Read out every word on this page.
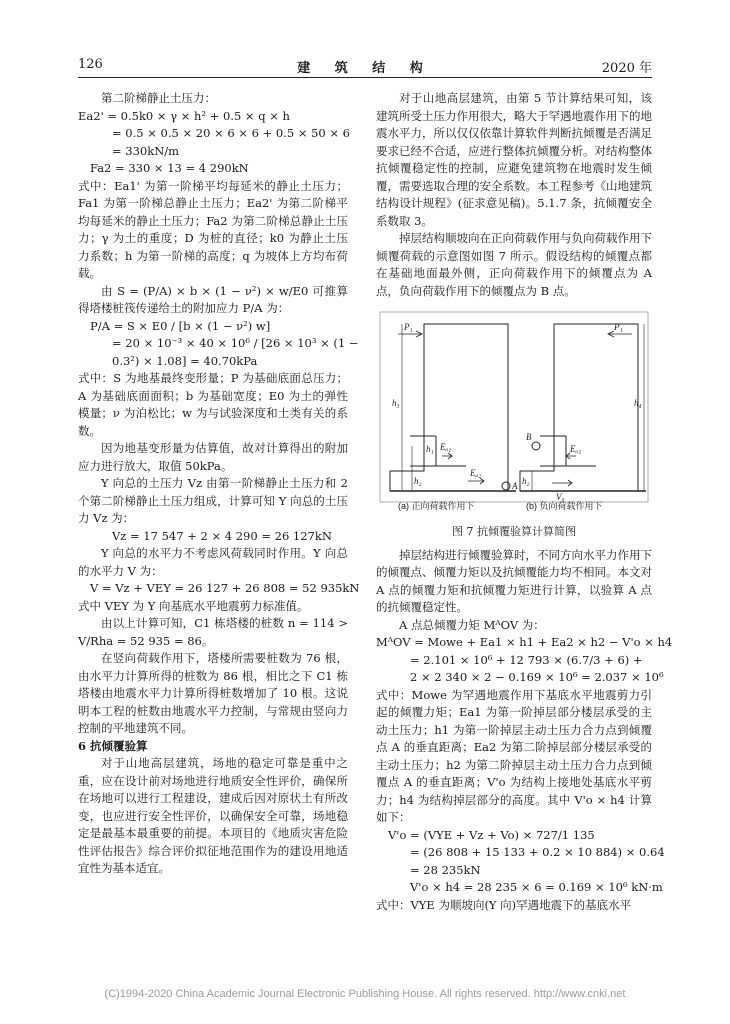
126	建 筑 结 构	2020 年

第二阶梯静止土压力：

Ea2' = 0.5k0 × γ × h² + 0.5 × q × h

= 0.5 × 0.5 × 20 × 6 × 6 + 0.5 × 50 × 6

= 330kN/m

Fa2 = 330 × 13 = 4 290kN

式中：Ea1' 为第一阶梯平均每延米的静止土压力；Fa1 为第一阶梯总静止土压力；Ea2' 为第二阶梯平均每延米的静止土压力；Fa2 为第二阶梯总静止土压力；γ 为土的重度；D 为桩的直径；k0 为静止土压力系数；h 为第一阶梯的高度；q 为坡体上方均布荷载。

由 S = (P/A) × b × (1 − ν²) × w/E0 可推算得塔楼桩筏传递给土的附加应力 P/A 为：

P/A = S × E0 / [b × (1 − ν²) w]

= 20 × 10⁻³ × 40 × 10⁶ / [26 × 10³ × (1 −

0.3²) × 1.08] = 40.70kPa

式中：S 为地基最终变形量；P 为基础底面总压力；A 为基础底面面积；b 为基础宽度；E0 为土的弹性模量；ν 为泊松比；w 为与试验深度和土类有关的系数。

因为地基变形量为估算值，故对计算得出的附加应力进行放大，取值 50kPa。

Y 向总的土压力 Vz 由第一阶梯静止土压力和 2 个第二阶梯静止土压力组成，计算可知 Y 向总的土压力 Vz 为：

Vz = 17 547 + 2 × 4 290 = 26 127kN

Y 向总的水平力不考虑风荷载同时作用。Y 向总的水平力 V 为：

V = Vz + VEY = 26 127 + 26 808 = 52 935kN

式中 VEY 为 Y 向基底水平地震剪力标准值。

由以上计算可知，C1 栋塔楼的桩数 n = 114 > V/Rha = 52 935 = 86。

在竖向荷载作用下，塔楼所需要桩数为 76 根，由水平力计算所得的桩数为 86 根，相比之下 C1 栋塔楼由地震水平力计算所得桩数增加了 10 根。这说明本工程的桩数由地震水平力控制，与常规由竖向力控制的平地建筑不同。

6 抗倾覆验算

对于山地高层建筑，场地的稳定可靠是重中之重，应在设计前对场地进行地质安全性评价，确保所在场地可以进行工程建设，建成后因对原状土有所改变，也应进行安全性评价，以确保安全可靠，场地稳定是最基本最重要的前提。本项目的《地质灾害危险性评估报告》综合评价拟征地范围作为的建设用地适宜性为基本适宜。

对于山地高层建筑，由第 5 节计算结果可知，该建筑所受土压力作用很大，略大于罕遇地震作用下的地震水平力，所以仅仅依靠计算软件判断抗倾覆是否满足要求已经不合适，应进行整体抗倾覆分析。对结构整体抗倾覆稳定性的控制，应避免建筑物在地震时发生倾覆，需要选取合理的安全系数。本工程参考《山地建筑结构设计规程》(征求意见稿)。5.1.7 条，抗倾覆安全系数取 3。

掉层结构顺坡向在正向荷载作用与负向荷载作用下倾覆荷载的示意图如图 7 所示。假设结构的倾覆点都在基础地面最外侧，正向荷载作用下的倾覆点为 A 点，负向荷载作用下的倾覆点为 B 点。

P₁
h₃
h₂
h₁ Eₐ₁
Eₐ₂
A
P₁
h₄
h₂
Eₐ₁
B
V₀
(a) 正向荷载作用下	(b) 负向荷载作用下

图 7 抗倾覆验算计算简图

掉层结构进行倾覆验算时，不同方向水平力作用下的倾覆点、倾覆力矩以及抗倾覆能力均不相同。本文对 A 点的倾覆力矩和抗倾覆力矩进行计算，以验算 A 点的抗倾覆稳定性。

A 点总倾覆力矩 MᴬOV 为：

MᴬOV = Mowe + Ea1 × h1 + Ea2 × h2 − V'o × h4

= 2.101 × 10⁶ + 12 793 × (6.7/3 + 6) +

2 × 2 340 × 2 − 0.169 × 10⁶ = 2.037 × 10⁶

式中：Mowe 为罕遇地震作用下基底水平地震剪力引起的倾覆力矩；Ea1 为第一阶掉层部分楼层承受的主动土压力；h1 为第一阶掉层主动土压力合力点到倾覆点 A 的垂直距离；Ea2 为第二阶掉层部分楼层承受的主动土压力；h2 为第二阶掉层主动土压力合力点到倾覆点 A 的垂直距离；V'o 为结构上接地处基底水平剪力；h4 为结构掉层部分的高度。其中 V'o × h4 计算如下：

V'o = (VYE + Vz + Vo) × 727/1 135

= (26 808 + 15 133 + 0.2 × 10 884) × 0.64

= 28 235kN

V'o × h4 = 28 235 × 6 = 0.169 × 10⁶ kN·m

式中：VYE 为顺坡向(Y 向)罕遇地震下的基底水平

(C)1994-2020 China Academic Journal Electronic Publishing House. All rights reserved. http://www.cnki.net
